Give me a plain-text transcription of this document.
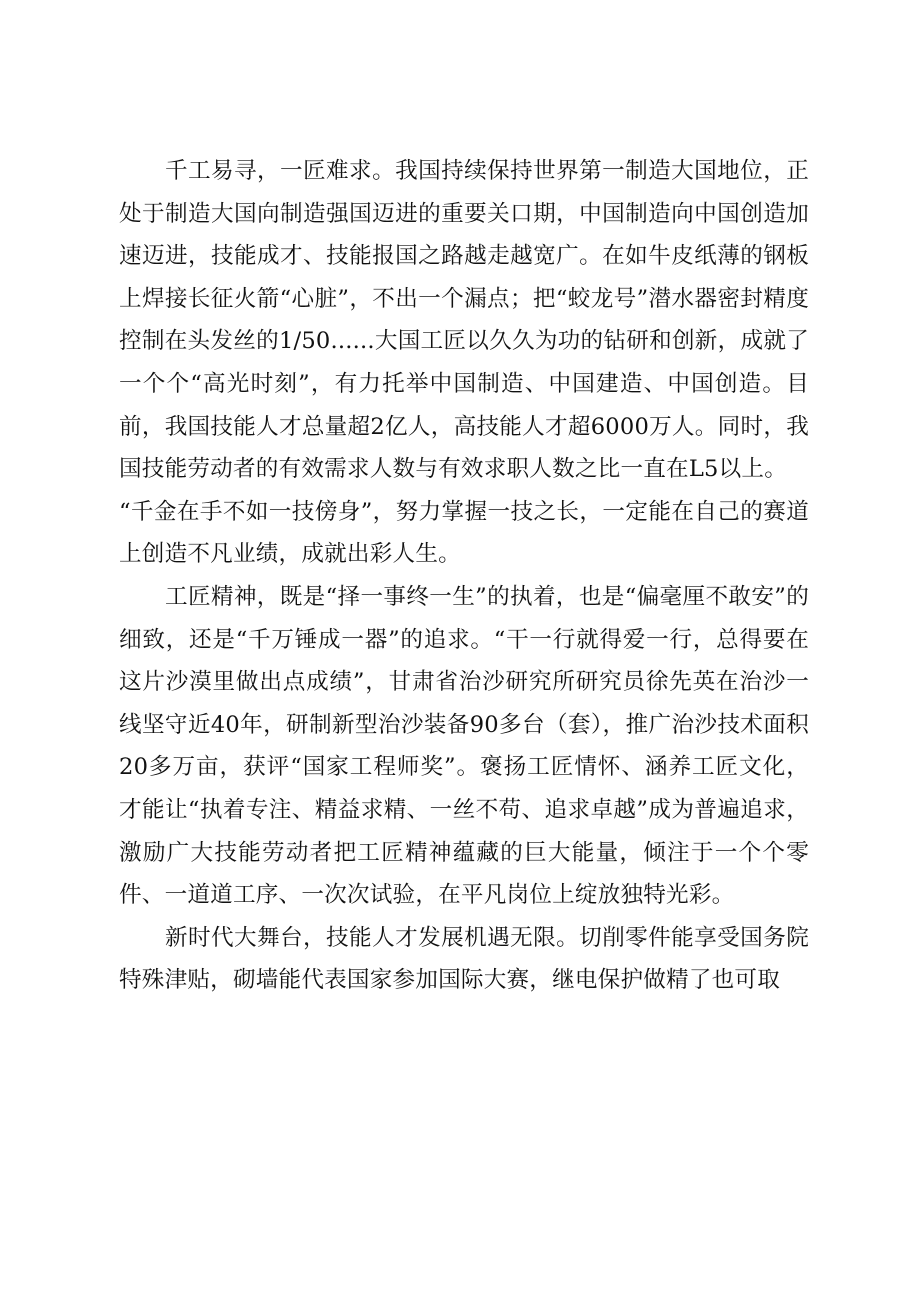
千工易寻，一匠难求。我国持续保持世界第一制造大国地位，正处于制造大国向制造强国迈进的重要关口期，中国制造向中国创造加速迈进，技能成才、技能报国之路越走越宽广。在如牛皮纸薄的钢板上焊接长征火箭“心脏”，不出一个漏点；把“蛟龙号”潜水器密封精度控制在头发丝的1/50......大国工匠以久久为功的钻研和创新，成就了一个个“高光时刻”，有力托举中国制造、中国建造、中国创造。目前，我国技能人才总量超2亿人，高技能人才超6000万人。同时，我国技能劳动者的有效需求人数与有效求职人数之比一直在L5以上。

“千金在手不如一技傍身”，努力掌握一技之长，一定能在自己的赛道上创造不凡业绩，成就出彩人生。

工匠精神，既是“择一事终一生”的执着，也是“偏毫厘不敢安”的细致，还是“千万锤成一器”的追求。“干一行就得爱一行，总得要在这片沙漠里做出点成绩”，甘肃省治沙研究所研究员徐先英在治沙一线坚守近40年，研制新型治沙装备90多台（套），推广治沙技术面积20多万亩，获评“国家工程师奖”。褒扬工匠情怀、涵养工匠文化，才能让“执着专注、精益求精、一丝不苟、追求卓越”成为普遍追求，激励广大技能劳动者把工匠精神蕴藏的巨大能量，倾注于一个个零件、一道道工序、一次次试验，在平凡岗位上绽放独特光彩。

新时代大舞台，技能人才发展机遇无限。切削零件能享受国务院特殊津贴，砌墙能代表国家参加国际大赛，继电保护做精了也可取
